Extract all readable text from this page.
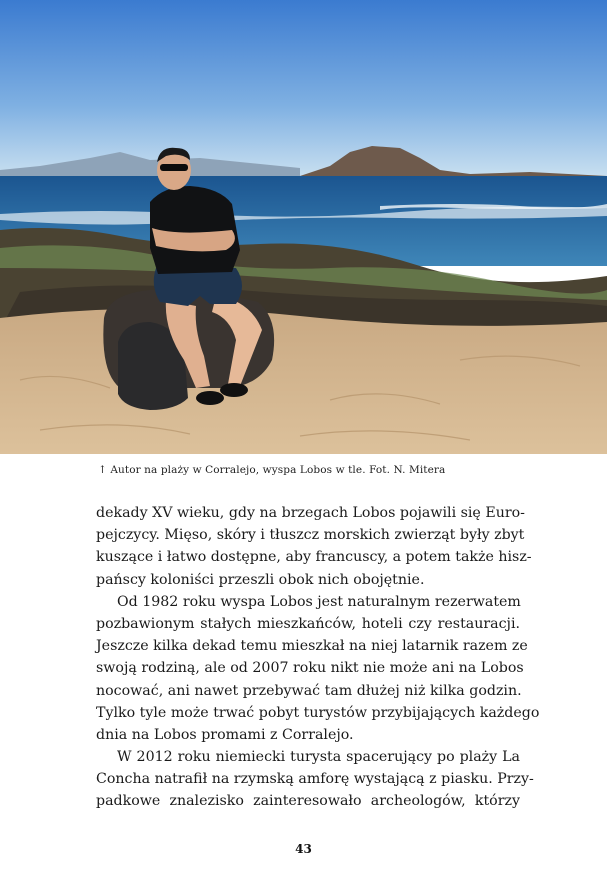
↑ Autor na plaży w Corralejo, wyspa Lobos w tle. Fot. N. Mitera
dekady XV wieku, gdy na brzegach Lobos pojawili się Euro-
pejczycy. Mięso, skóry i tłuszcz morskich zwierząt były zbyt
kuszące i łatwo dostępne, aby francuscy, a potem także hisz-
pańscy koloniści przeszli obok nich obojętnie.
Od 1982 roku wyspa Lobos jest naturalnym rezerwatem
pozbawionym stałych mieszkańców, hoteli czy restauracji.
Jeszcze kilka dekad temu mieszkał na niej latarnik razem ze
swoją rodziną, ale od 2007 roku nikt nie może ani na Lobos
nocować, ani nawet przebywać tam dłużej niż kilka godzin.
Tylko tyle może trwać pobyt turystów przybijających każdego
dnia na Lobos promami z Corralejo.
W 2012 roku niemiecki turysta spacerujący po plaży La
Concha natrafił na rzymską amforę wystającą z piasku. Przy-
padkowe znalezisko zainteresowało archeologów, którzy
43
